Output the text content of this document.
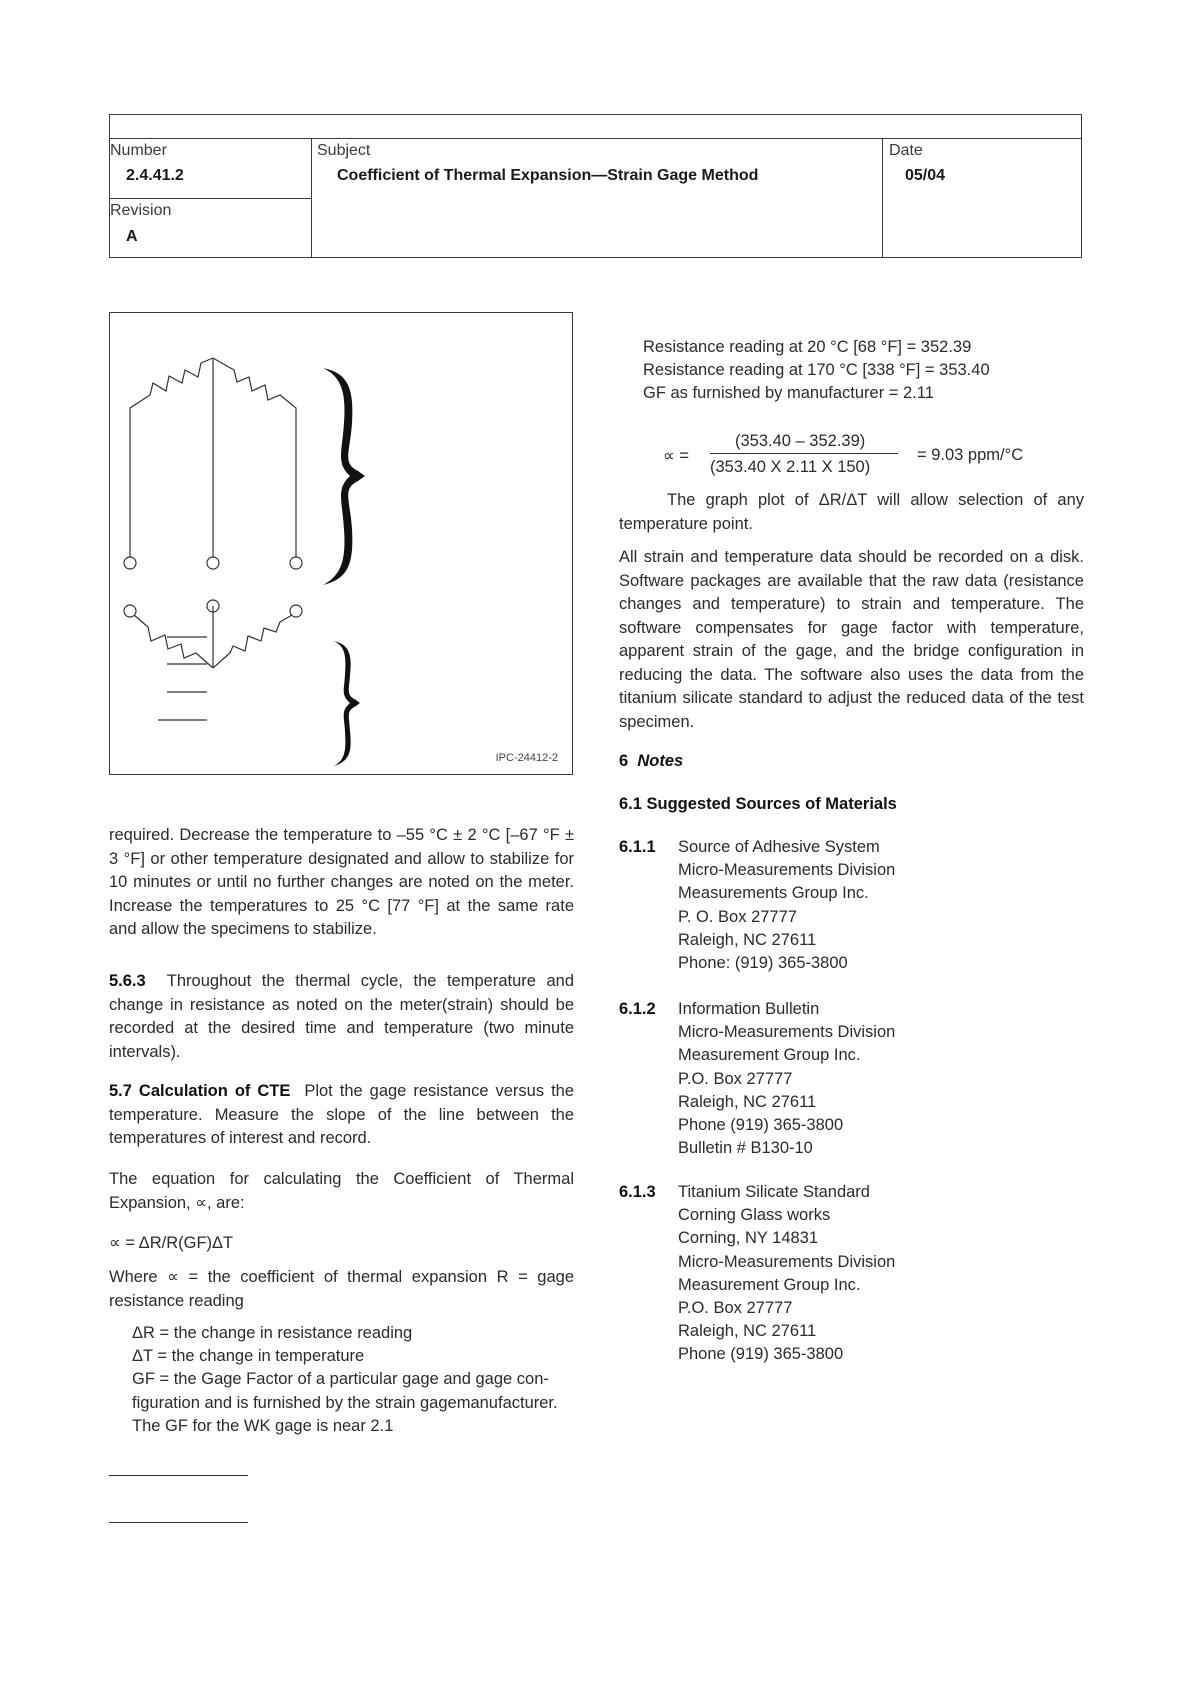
Number
2.4.41.2
Revision
A
Subject
Coefficient of Thermal Expansion—Strain Gage Method
Date
05/04
IPC-24412-2
required. Decrease the temperature to –55 °C ± 2 °C [–67 °F ± 3 °F] or other temperature designated and allow to stabilize for 10 minutes or until no further changes are noted on the meter. Increase the temperatures to 25 °C [77 °F] at the same rate and allow the specimens to stabilize.
5.6.3 Throughout the thermal cycle, the temperature and change in resistance as noted on the meter(strain) should be recorded at the desired time and temperature (two minute intervals).
5.7 Calculation of CTE Plot the gage resistance versus the temperature. Measure the slope of the line between the temperatures of interest and record.
The equation for calculating the Coefficient of Thermal Expansion, ∝, are:
∝ = ΔR/R(GF)ΔT
Where ∝ = the coefficient of thermal expansion R = gage resistance reading
ΔR = the change in resistance reading
ΔT = the change in temperature
GF = the Gage Factor of a particular gage and gage con-
figuration and is furnished by the strain gagemanufacturer.
The GF for the WK gage is near 2.1
Resistance reading at 20 °C [68 °F] = 352.39
Resistance reading at 170 °C [338 °F] = 353.40
GF as furnished by manufacturer = 2.11
∝ =
(353.40 – 352.39)
(353.40 X 2.11 X 150)
= 9.03 ppm/°C
The graph plot of ΔR/ΔT will allow selection of any temperature point.
All strain and temperature data should be recorded on a disk. Software packages are available that the raw data (resistance changes and temperature) to strain and temperature. The software compensates for gage factor with temperature, apparent strain of the gage, and the bridge configuration in reducing the data. The software also uses the data from the titanium silicate standard to adjust the reduced data of the test specimen.
6 Notes
6.1 Suggested Sources of Materials
6.1.1 Source of Adhesive System
Micro-Measurements Division
Measurements Group Inc.
P. O. Box 27777
Raleigh, NC 27611
Phone: (919) 365-3800
6.1.2 Information Bulletin
Micro-Measurements Division
Measurement Group Inc.
P.O. Box 27777
Raleigh, NC 27611
Phone (919) 365-3800
Bulletin # B130-10
6.1.3 Titanium Silicate Standard
Corning Glass works
Corning, NY 14831
Micro-Measurements Division
Measurement Group Inc.
P.O. Box 27777
Raleigh, NC 27611
Phone (919) 365-3800
